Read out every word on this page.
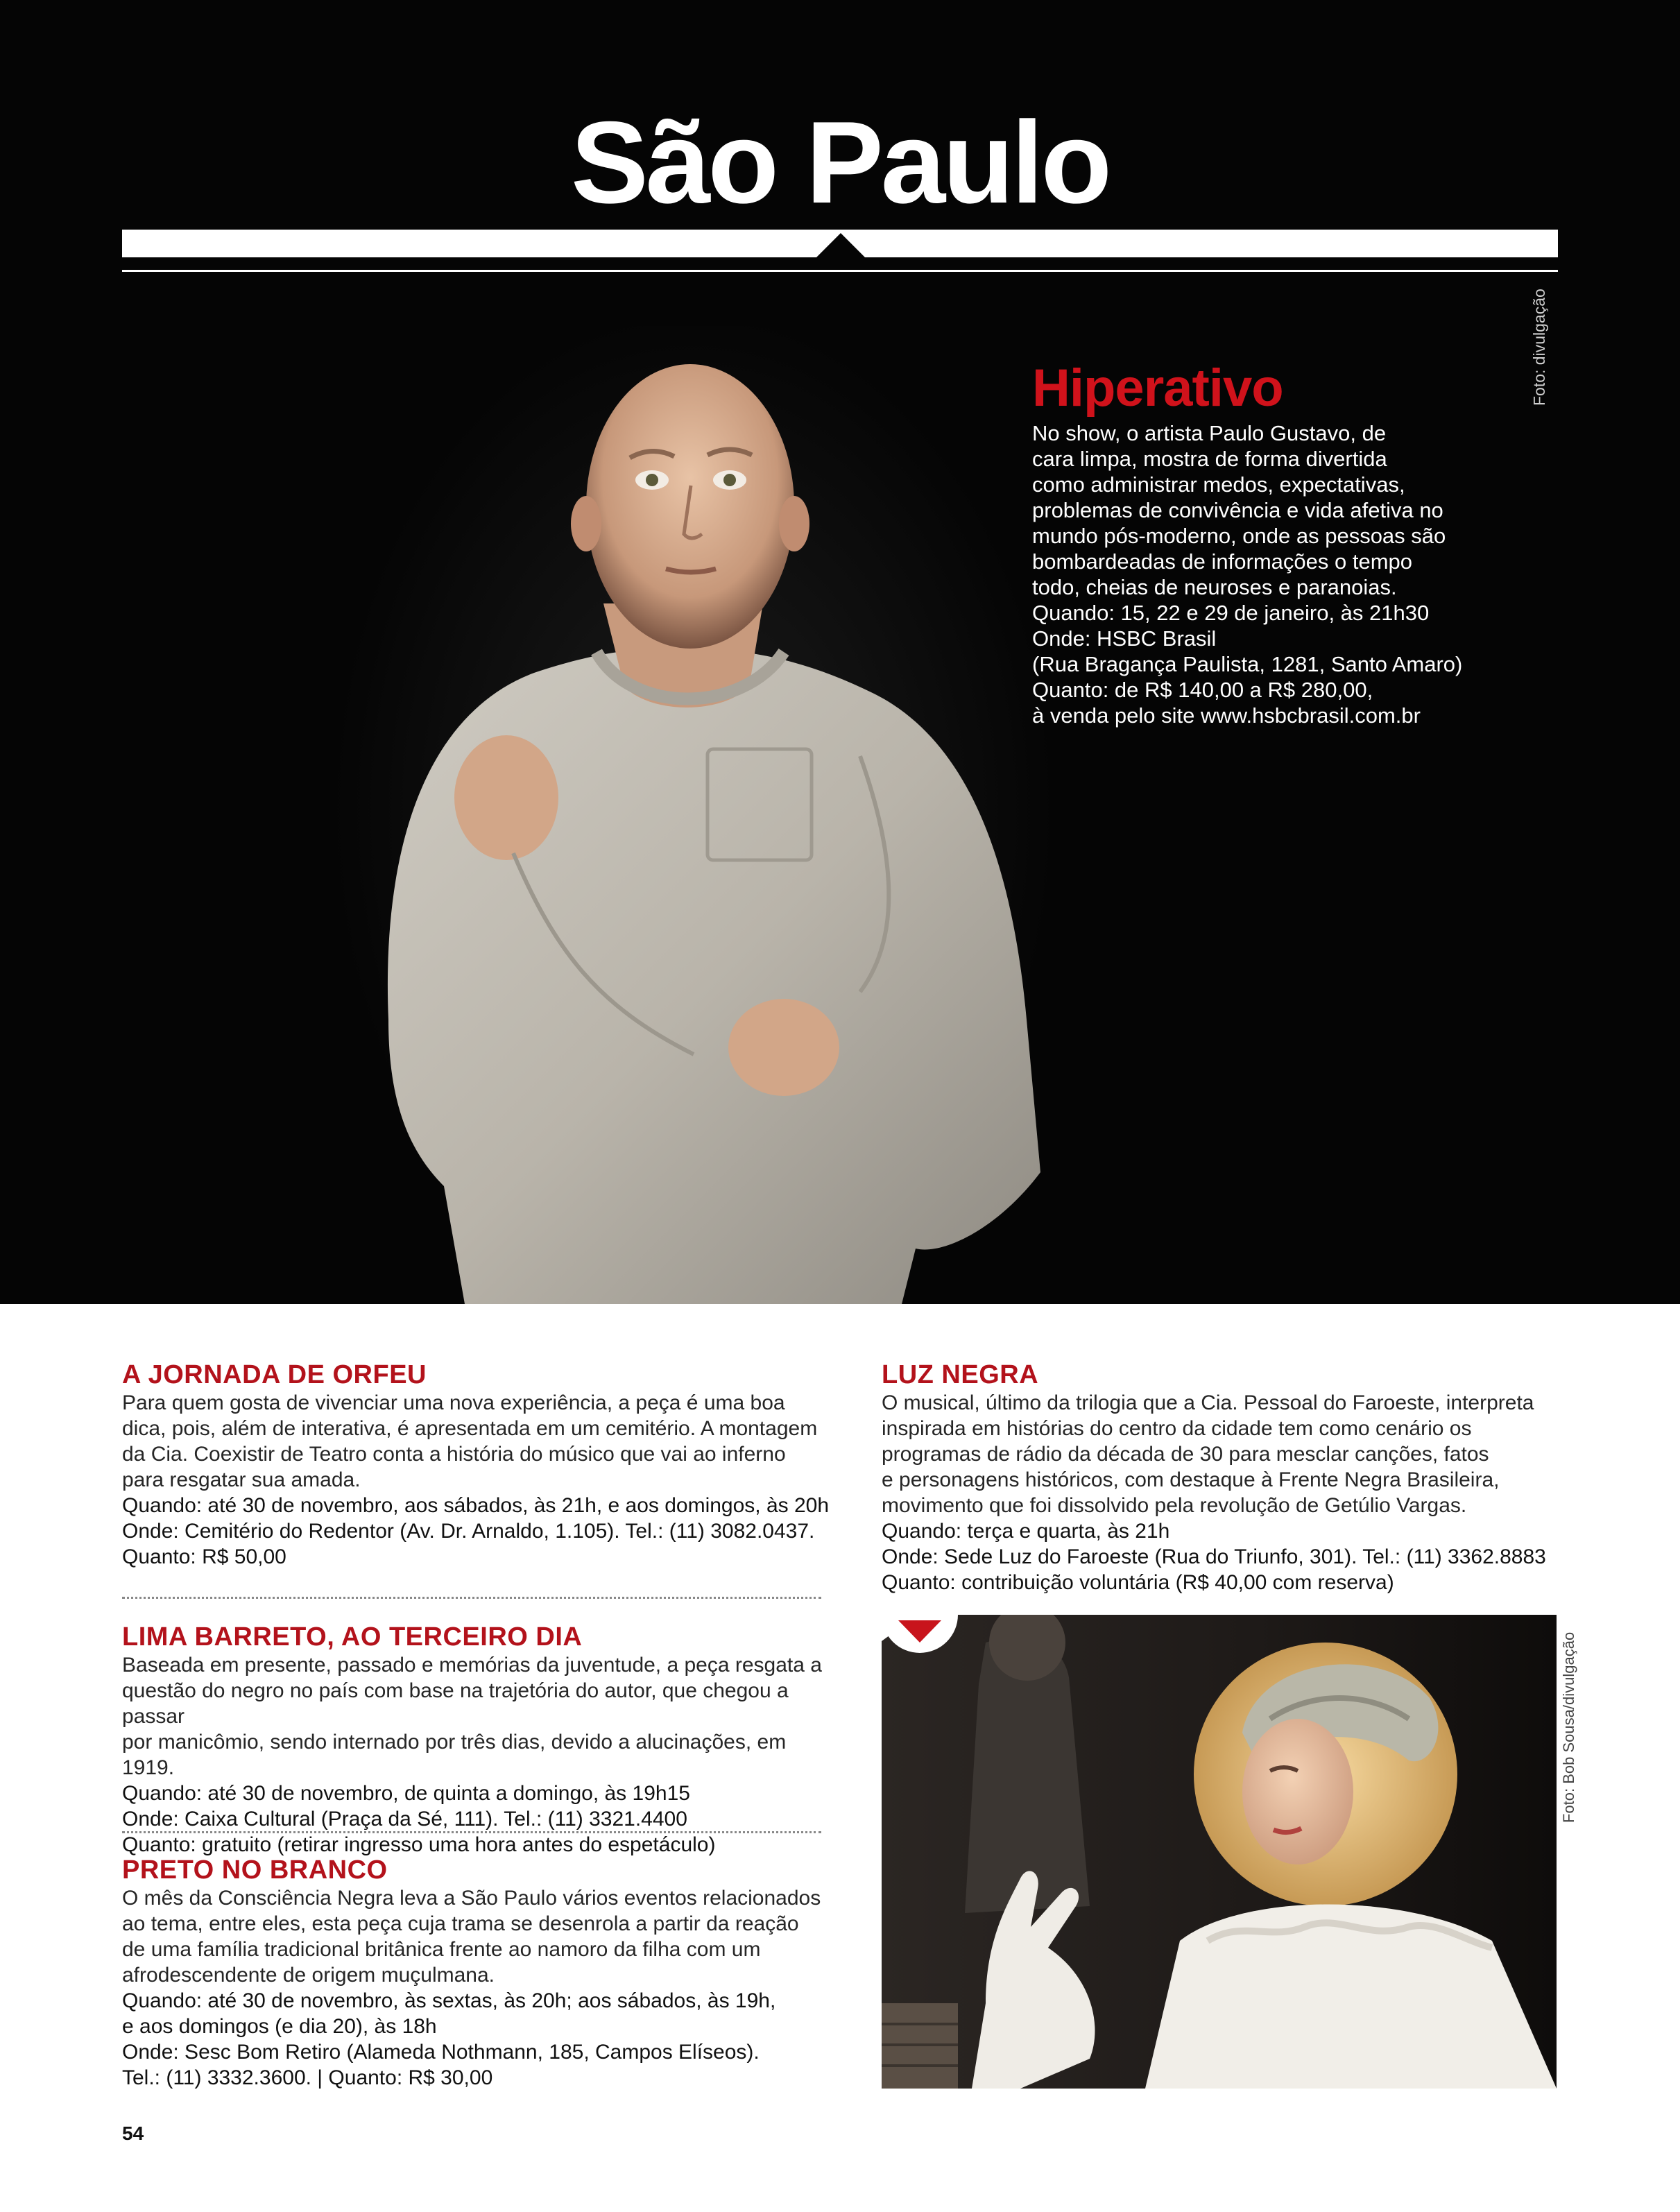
São Paulo
Foto: divulgação
Hiperativo

No show, o artista Paulo Gustavo, de

cara limpa, mostra de forma divertida

como administrar medos, expectativas,

problemas de convivência e vida afetiva no

mundo pós-moderno, onde as pessoas são

bombardeadas de informações o tempo

todo, cheias de neuroses e paranoias.

Quando: 15, 22 e 29 de janeiro, às 21h30

Onde: HSBC Brasil

(Rua Bragança Paulista, 1281, Santo Amaro)

Quanto: de R$ 140,00 a R$ 280,00,

à venda pelo site www.hsbcbrasil.com.br

A JORNADA DE ORFEU

Para quem gosta de vivenciar uma nova experiência, a peça é uma boa

dica, pois, além de interativa, é apresentada em um cemitério. A montagem

da Cia. Coexistir de Teatro conta a história do músico que vai ao inferno

para resgatar sua amada.

Quando: até 30 de novembro, aos sábados, às 21h, e aos domingos, às 20h

Onde: Cemitério do Redentor (Av. Dr. Arnaldo, 1.105). Tel.: (11) 3082.0437.

Quanto: R$ 50,00

LIMA BARRETO, AO TERCEIRO DIA

Baseada em presente, passado e memórias da juventude, a peça resgata a

questão do negro no país com base na trajetória do autor, que chegou a passar

por manicômio, sendo internado por três dias, devido a alucinações, em 1919.

Quando: até 30 de novembro, de quinta a domingo, às 19h15

Onde: Caixa Cultural (Praça da Sé, 111). Tel.: (11) 3321.4400

Quanto: gratuito (retirar ingresso uma hora antes do espetáculo)

PRETO NO BRANCO

O mês da Consciência Negra leva a São Paulo vários eventos relacionados

ao tema, entre eles, esta peça cuja trama se desenrola a partir da reação

de uma família tradicional britânica frente ao namoro da filha com um

afrodescendente de origem muçulmana.

Quando: até 30 de novembro, às sextas, às 20h; aos sábados, às 19h,

e aos domingos (e dia 20), às 18h

Onde: Sesc Bom Retiro (Alameda Nothmann, 185, Campos Elíseos).

Tel.: (11) 3332.3600. | Quanto: R$ 30,00

LUZ NEGRA

O musical, último da trilogia que a Cia. Pessoal do Faroeste, interpreta

inspirada em histórias do centro da cidade tem como cenário os

programas de rádio da década de 30 para mesclar canções, fatos

e personagens históricos, com destaque à Frente Negra Brasileira,

movimento que foi dissolvido pela revolução de Getúlio Vargas.

Quando: terça e quarta, às 21h

Onde: Sede Luz do Faroeste (Rua do Triunfo, 301). Tel.: (11) 3362.8883

Quanto: contribuição voluntária (R$ 40,00 com reserva)

Foto: Bob Sousa/divulgação
54
